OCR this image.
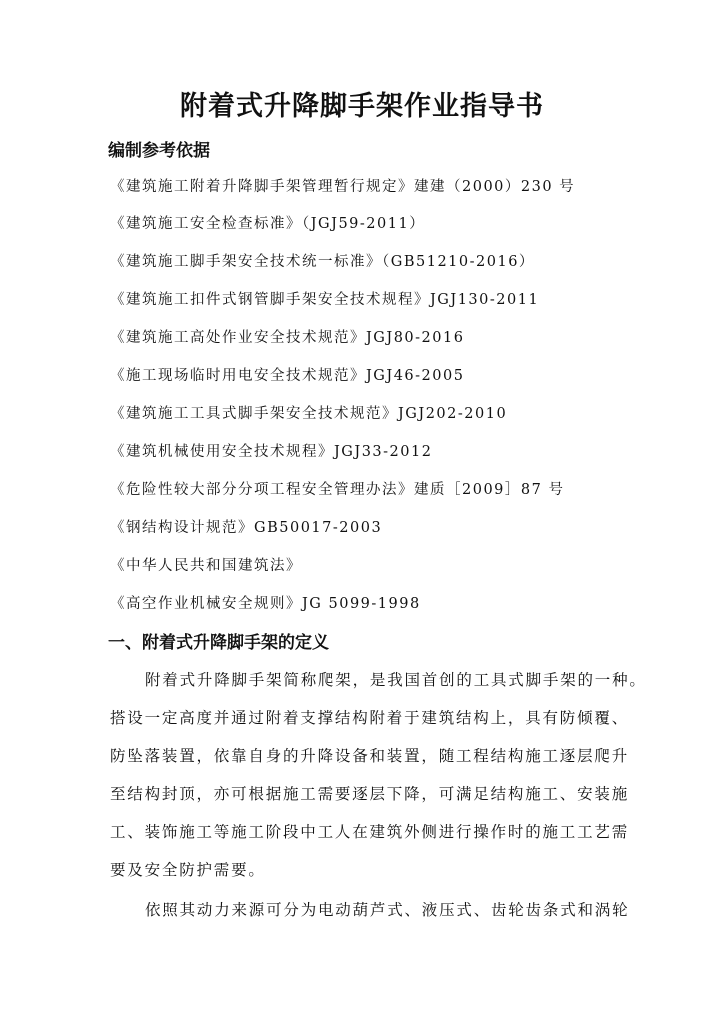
附着式升降脚手架作业指导书
编制参考依据
《建筑施工附着升降脚手架管理暂行规定》建建（2000）230 号
《建筑施工安全检查标准》（JGJ59-2011）
《建筑施工脚手架安全技术统一标准》（GB51210-2016）
《建筑施工扣件式钢管脚手架安全技术规程》JGJ130-2011
《建筑施工高处作业安全技术规范》JGJ80-2016
《施工现场临时用电安全技术规范》JGJ46-2005
《建筑施工工具式脚手架安全技术规范》JGJ202-2010
《建筑机械使用安全技术规程》JGJ33-2012
《危险性较大部分分项工程安全管理办法》建质［2009］87 号
《钢结构设计规范》GB50017-2003
《中华人民共和国建筑法》
《高空作业机械安全规则》JG 5099-1998
一、附着式升降脚手架的定义
附着式升降脚手架简称爬架，是我国首创的工具式脚手架的一种。
搭设一定高度并通过附着支撑结构附着于建筑结构上，具有防倾覆、
防坠落装置，依靠自身的升降设备和装置，随工程结构施工逐层爬升
至结构封顶，亦可根据施工需要逐层下降，可满足结构施工、安装施
工、装饰施工等施工阶段中工人在建筑外侧进行操作时的施工工艺需
要及安全防护需要。
依照其动力来源可分为电动葫芦式、液压式、齿轮齿条式和涡轮
